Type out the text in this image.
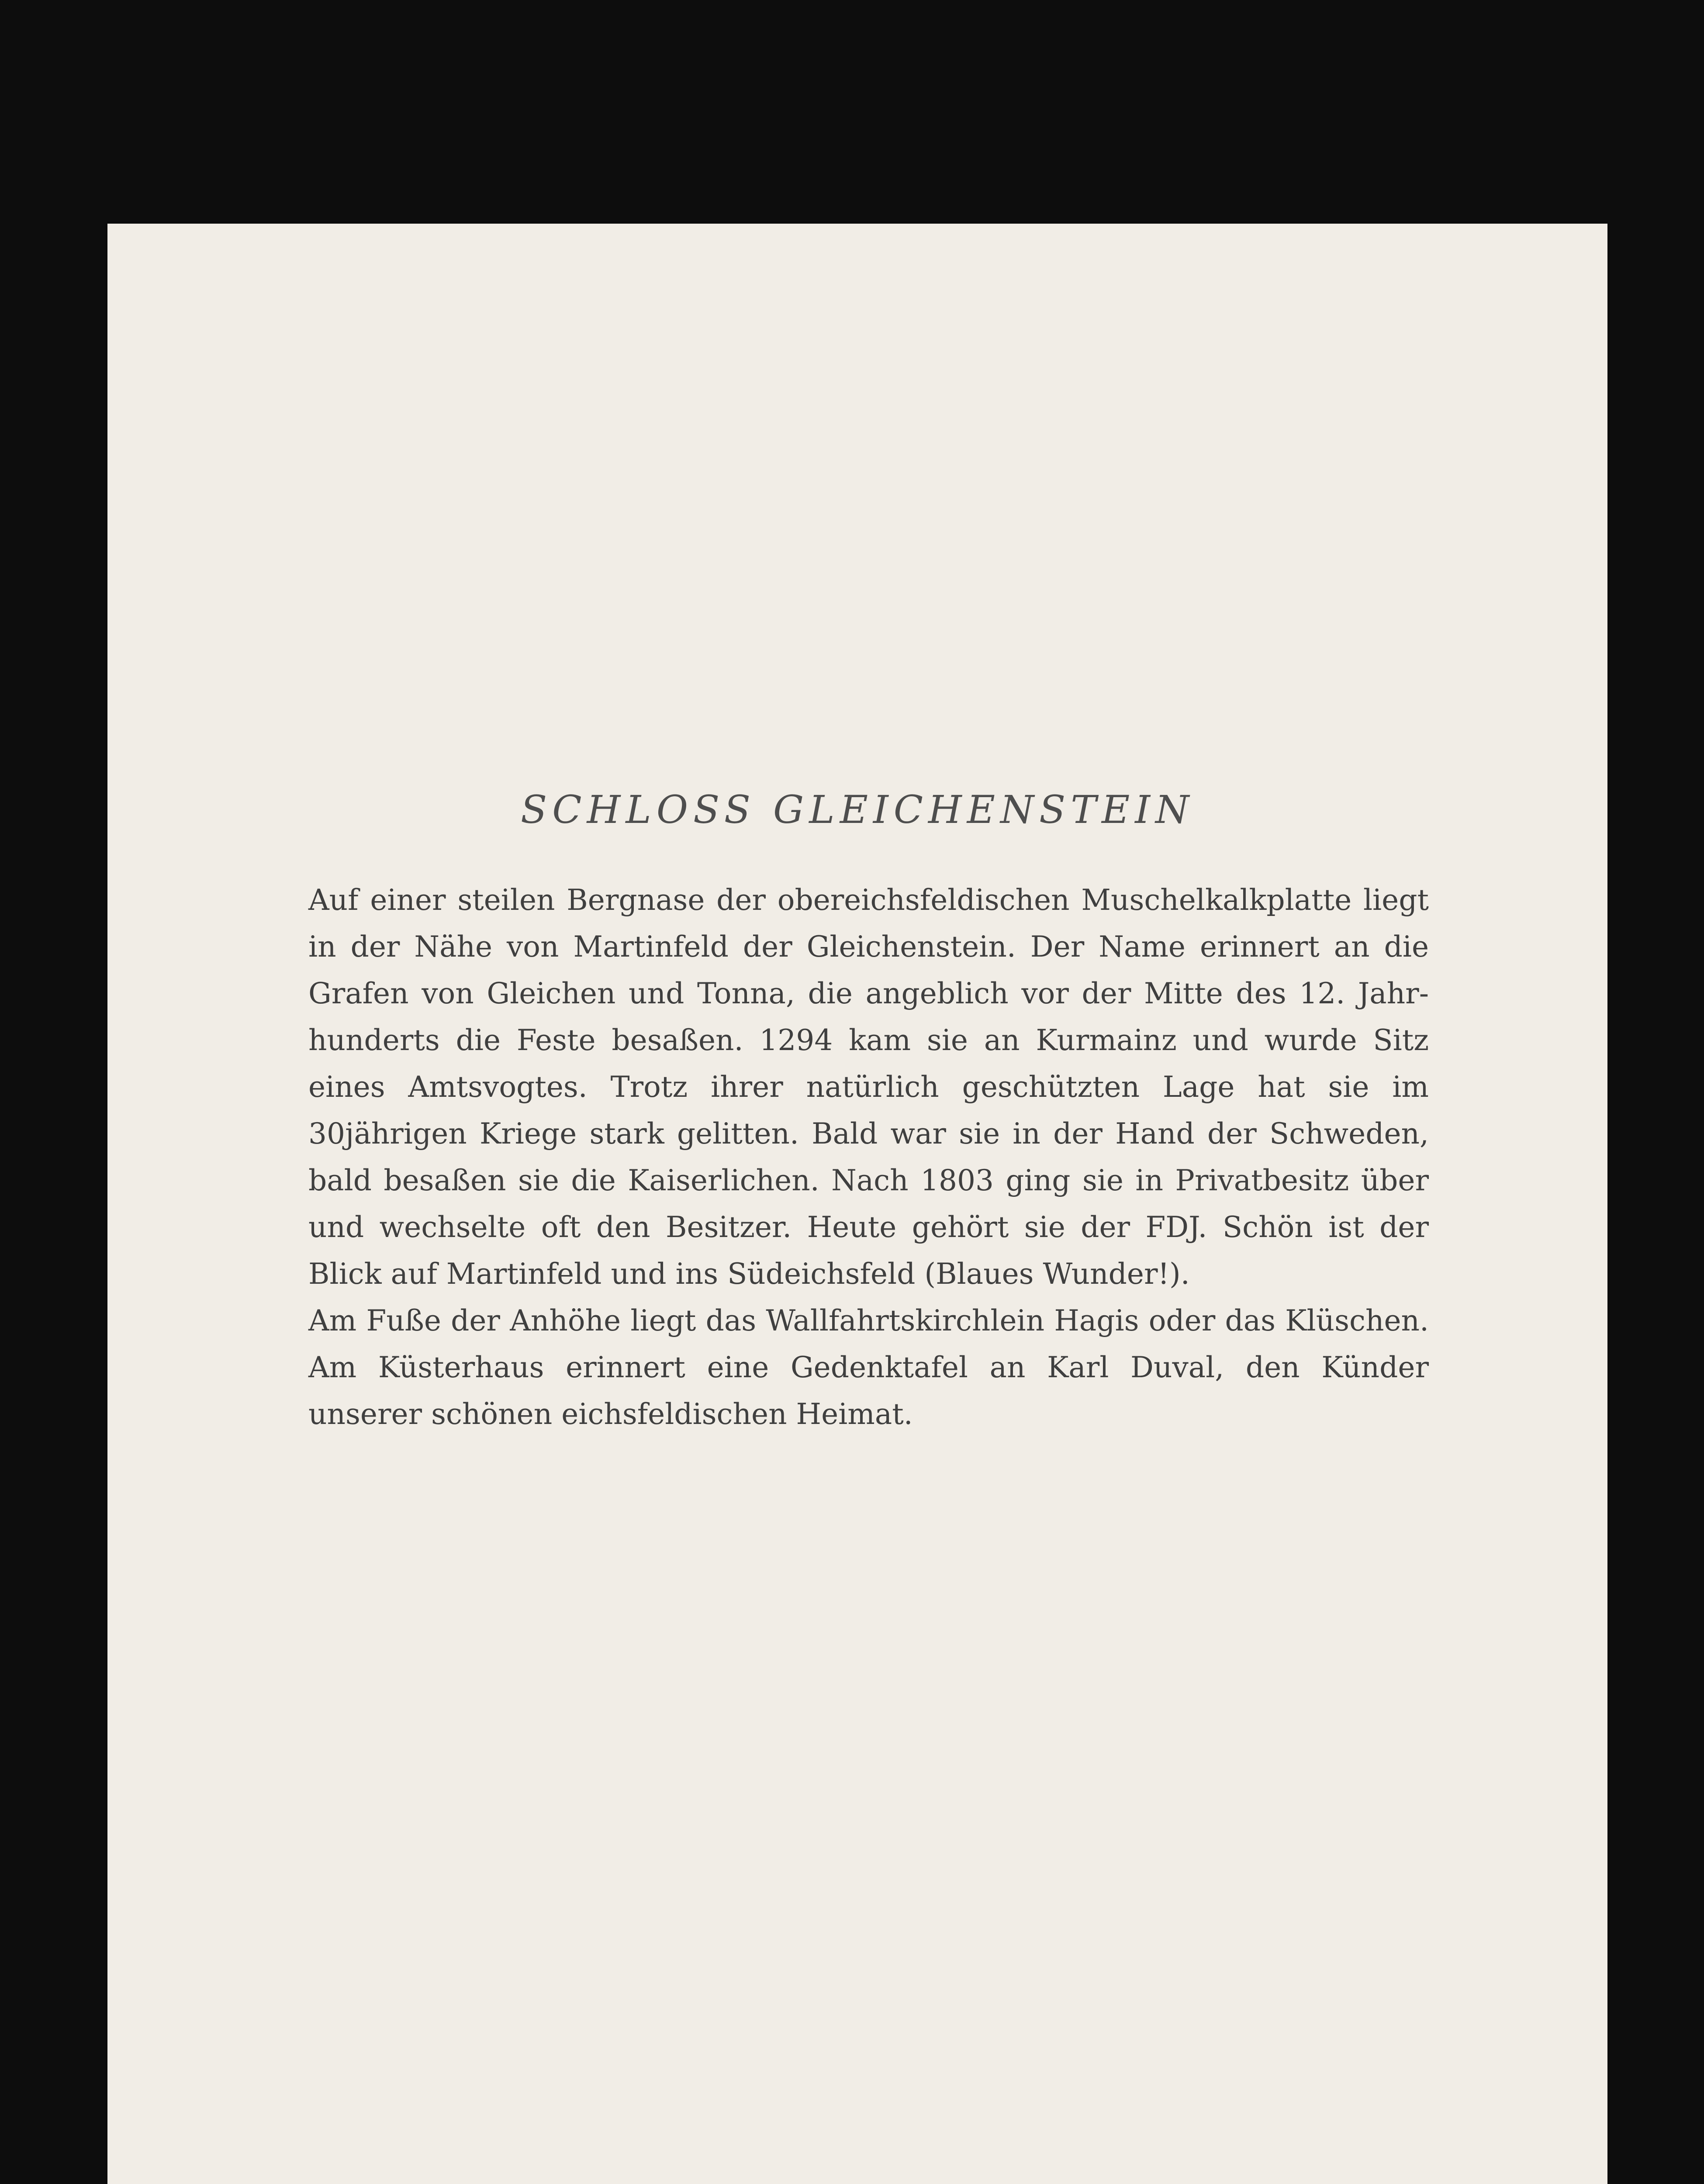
SCHLOSS GLEICHENSTEIN
Auf einer steilen Bergnase der obereichsfeldischen Muschelkalkplatte liegt
in der Nähe von Martinfeld der Gleichenstein. Der Name erinnert an die
Grafen von Gleichen und Tonna, die angeblich vor der Mitte des 12. Jahr-
hunderts die Feste besaßen. 1294 kam sie an Kurmainz und wurde Sitz
eines Amtsvogtes. Trotz ihrer natürlich geschützten Lage hat sie im
30jährigen Kriege stark gelitten. Bald war sie in der Hand der Schweden,
bald besaßen sie die Kaiserlichen. Nach 1803 ging sie in Privatbesitz über
und wechselte oft den Besitzer. Heute gehört sie der FDJ. Schön ist der
Blick auf Martinfeld und ins Südeichsfeld (Blaues Wunder!).
Am Fuße der Anhöhe liegt das Wallfahrtskirchlein Hagis oder das Klüschen.
Am Küsterhaus erinnert eine Gedenktafel an Karl Duval, den Künder
unserer schönen eichsfeldischen Heimat.
